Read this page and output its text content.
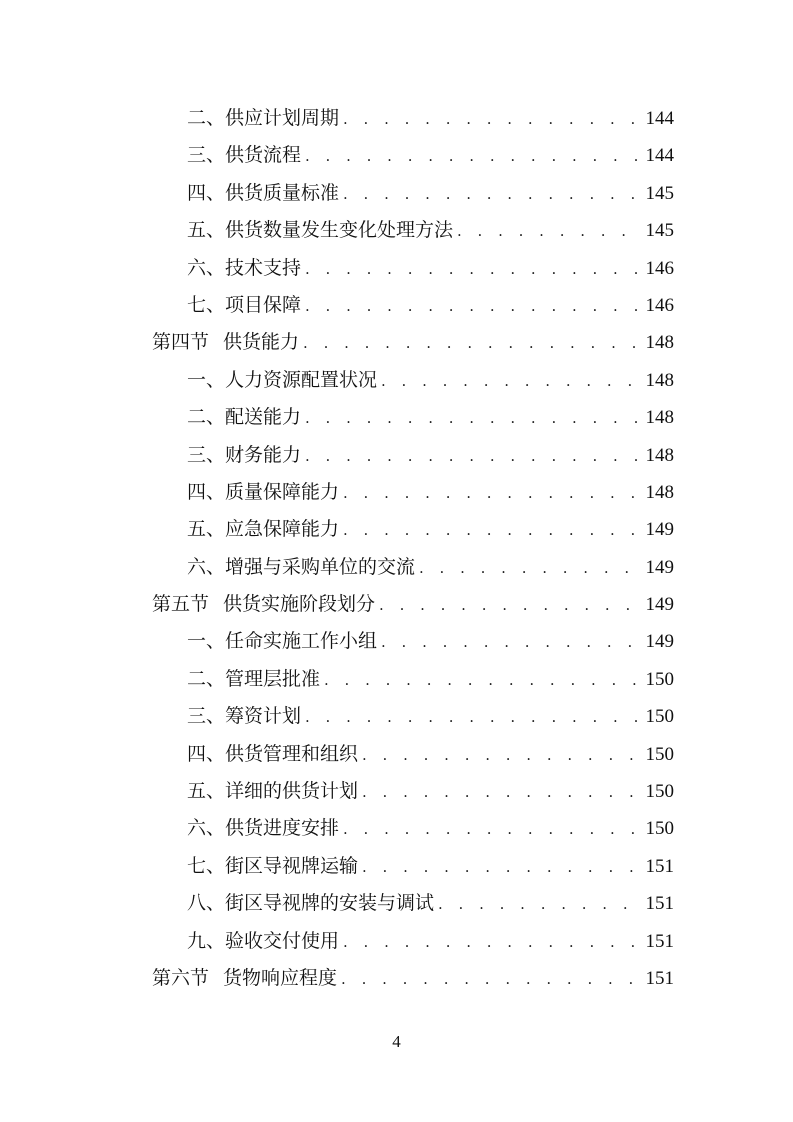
二、供应计划周期 . . .	144
三、供货流程 . . .	144
四、供货质量标准 . . .	145
五、供货数量发生变化处理方法 . . .	145
六、技术支持 . . .	146
七、项目保障 . . .	146
第四节 供货能力 . . .	148
一、人力资源配置状况 . . .	148
二、配送能力 . . .	148
三、财务能力 . . .	148
四、质量保障能力 . . .	148
五、应急保障能力 . . .	149
六、增强与采购单位的交流 . . .	149
第五节 供货实施阶段划分 . . .	149
一、任命实施工作小组 . . .	149
二、管理层批准 . . .	150
三、筹资计划 . . .	150
四、供货管理和组织 . . .	150
五、详细的供货计划 . . .	150
六、供货进度安排 . . .	150
七、街区导视牌运输 . . .	151
八、街区导视牌的安装与调试 . . .	151
九、验收交付使用 . . .	151
第六节 货物响应程度 . . .	151
4
